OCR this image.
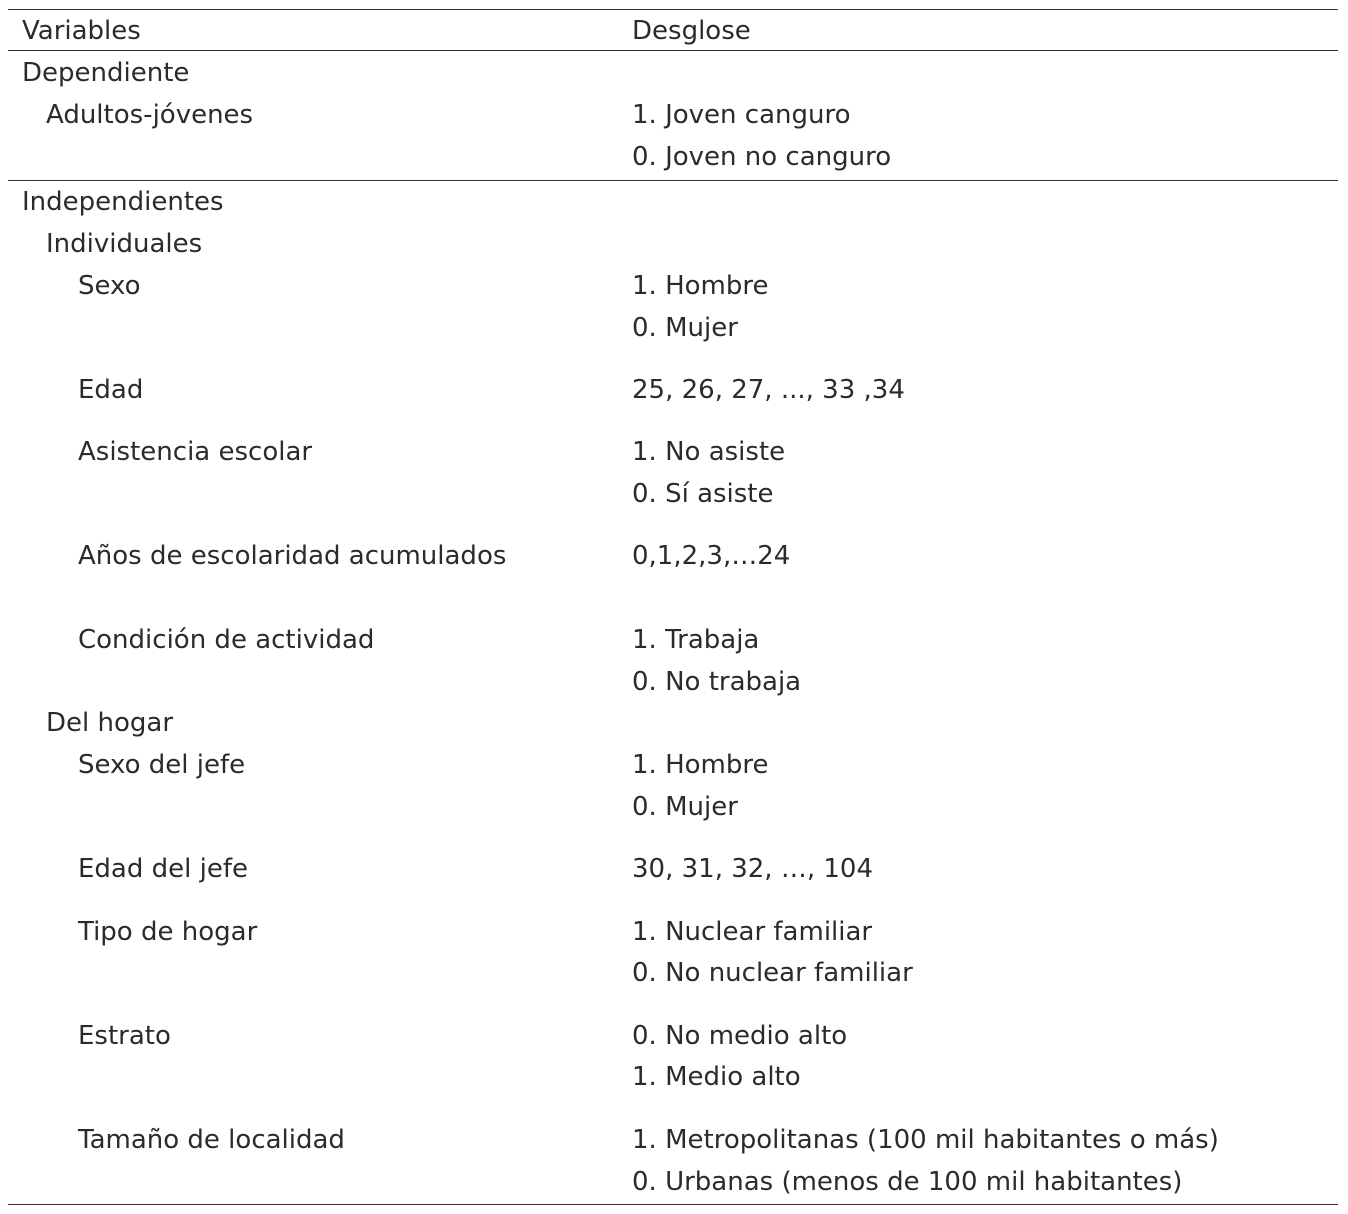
Variables	Desglose
Dependiente
Adultos-jóvenes	1. Joven canguro
0. Joven no canguro
Independientes
Individuales
Sexo	1. Hombre
0. Mujer
Edad	25, 26, 27, ..., 33 ,34
Asistencia escolar	1. No asiste
0. Sí asiste
Años de escolaridad acumulados	0,1,2,3,…24
Condición de actividad	1. Trabaja
0. No trabaja
Del hogar
Sexo del jefe	1. Hombre
0. Mujer
Edad del jefe	30, 31, 32, …, 104
Tipo de hogar	1. Nuclear familiar
0. No nuclear familiar
Estrato	0. No medio alto
1. Medio alto
Tamaño de localidad	1. Metropolitanas (100 mil habitantes o más)
0. Urbanas (menos de 100 mil habitantes)
